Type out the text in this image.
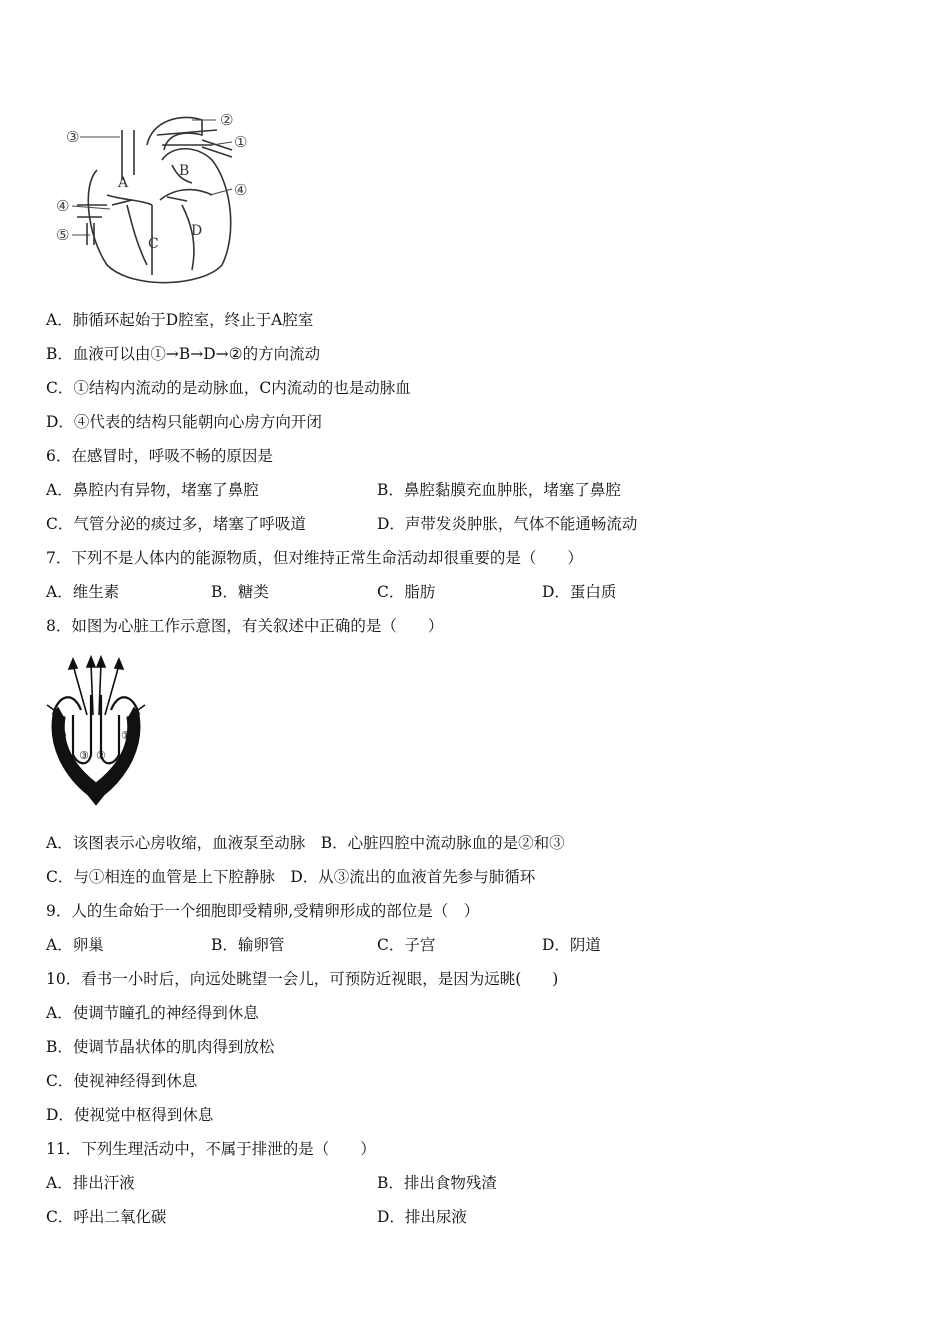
A
B
C
D
①
②
③
④
④
⑤
A．肺循环起始于D腔室，终止于A腔室
B．血液可以由①→B→D→②的方向流动
C．①结构内流动的是动脉血，C内流动的也是动脉血
D．④代表的结构只能朝向心房方向开闭
6．在感冒时，呼吸不畅的原因是
A．鼻腔内有异物，堵塞了鼻腔	B．鼻腔黏膜充血肿胀，堵塞了鼻腔
C．气管分泌的痰过多，堵塞了呼吸道	D．声带发炎肿胀，气体不能通畅流动
7．下列不是人体内的能源物质，但对维持正常生命活动却很重要的是（　　）
A．维生素	B．糖类	C．脂肪	D．蛋白质
8．如图为心脏工作示意图，有关叙述中正确的是（　　）
④
③ ②
①
A．该图表示心房收缩，血液泵至动脉　B．心脏四腔中流动脉血的是②和③
C．与①相连的血管是上下腔静脉　D．从③流出的血液首先参与肺循环
9．人的生命始于一个细胞即受精卵,受精卵形成的部位是（　）
A．卵巢	B．输卵管	C．子宫	D．阴道
10．看书一小时后，向远处眺望一会儿，可预防近视眼，是因为远眺(　　)
A．使调节瞳孔的神经得到休息
B．使调节晶状体的肌肉得到放松
C．使视神经得到休息
D．使视觉中枢得到休息
11．下列生理活动中，不属于排泄的是（　　）
A．排出汗液	B．排出食物残渣
C．呼出二氧化碳	D．排出尿液
